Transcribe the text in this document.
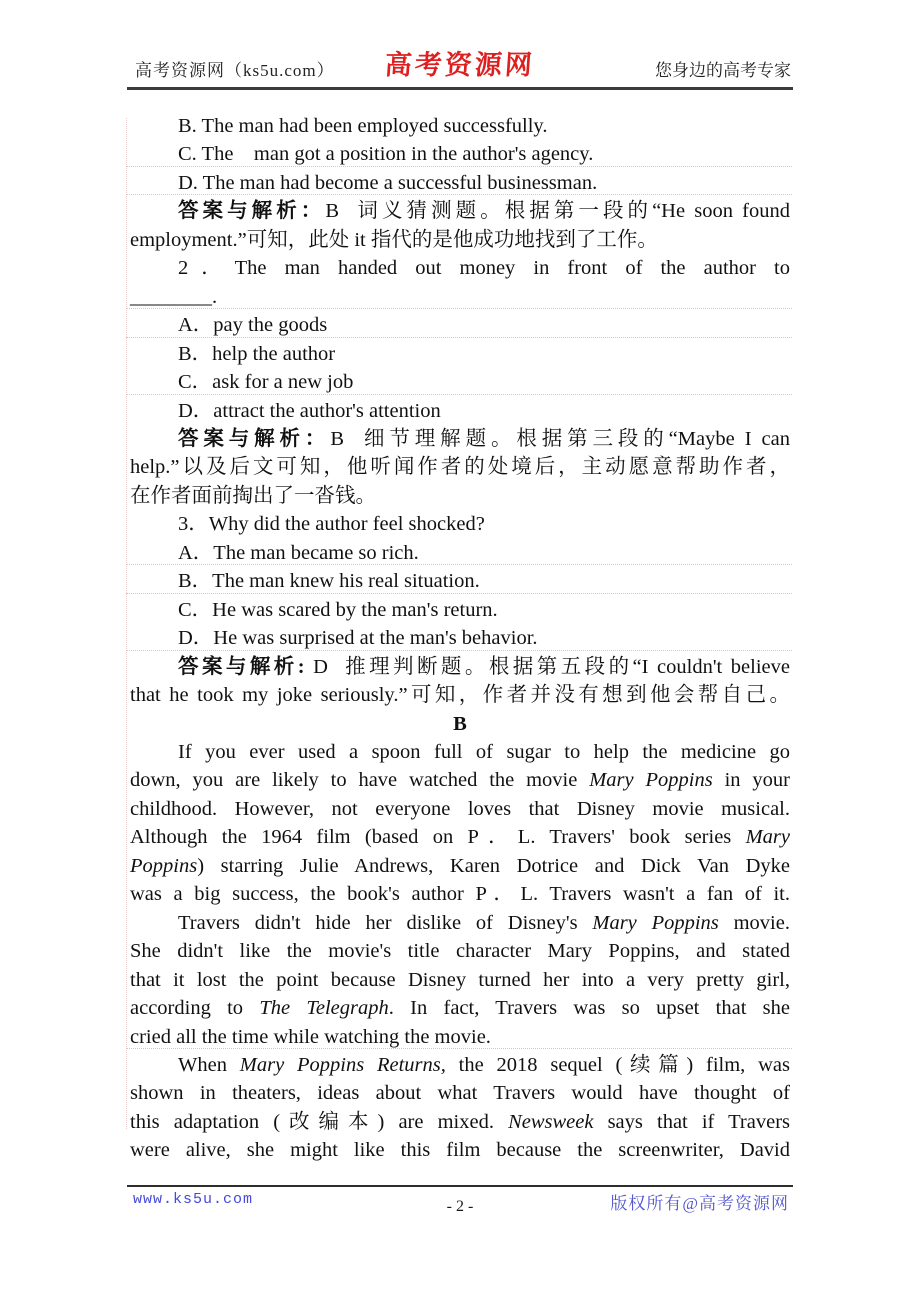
高考资源网（ks5u.com） 高考资源网	您身边的高考专家
B. The man had been employed successfully.
C. The    man got a position in the author's agency.
D. The man had become a successful businessman.
答案与解析：B  词义猜测题。根据第一段的“He soon found
employment.”可知，此处 it 指代的是他成功地找到了工作。
2．The man handed out money in front of the author to
________.
A．pay the goods
B．help the author
C．ask for a new job
D．attract the author's attention
答案与解析：B  细节理解题。根据第三段的“Maybe I can
help.”以及后文可知，他听闻作者的处境后，主动愿意帮助作者，
在作者面前掏出了一沓钱。
3．Why did the author feel shocked?
A．The man became so rich.
B．The man knew his real situation.
C．He was scared by the man's return.
D．He was surprised at the man's behavior.
答案与解析: D  推理判断题。根据第五段的“I couldn't believe
that he took my joke seriously.”可知，作者并没有想到他会帮自己。
B
If you ever used a spoon full of sugar to help the medicine go
down, you are likely to have watched the movie Mary Poppins in your
childhood. However, not everyone loves that Disney movie musical.
Although the 1964 film (based on P．L. Travers' book series Mary
Poppins) starring Julie Andrews, Karen Dotrice and Dick Van Dyke
was a big success, the book's author P．L. Travers wasn't a fan of it.
Travers didn't hide her dislike of Disney's Mary Poppins movie.
She didn't like the movie's title character Mary Poppins, and stated
that it lost the point because Disney turned her into a very pretty girl,
according to The Telegraph. In fact, Travers was so upset that she
cried all the time while watching the movie.
When Mary Poppins Returns, the 2018 sequel (续篇) film, was
shown in theaters, ideas about what Travers would have thought of
this adaptation (改编本) are mixed. Newsweek says that if Travers
were alive, she might like this film because the screenwriter, David
www.ks5u.com	- 2 -	版权所有@高考资源网
